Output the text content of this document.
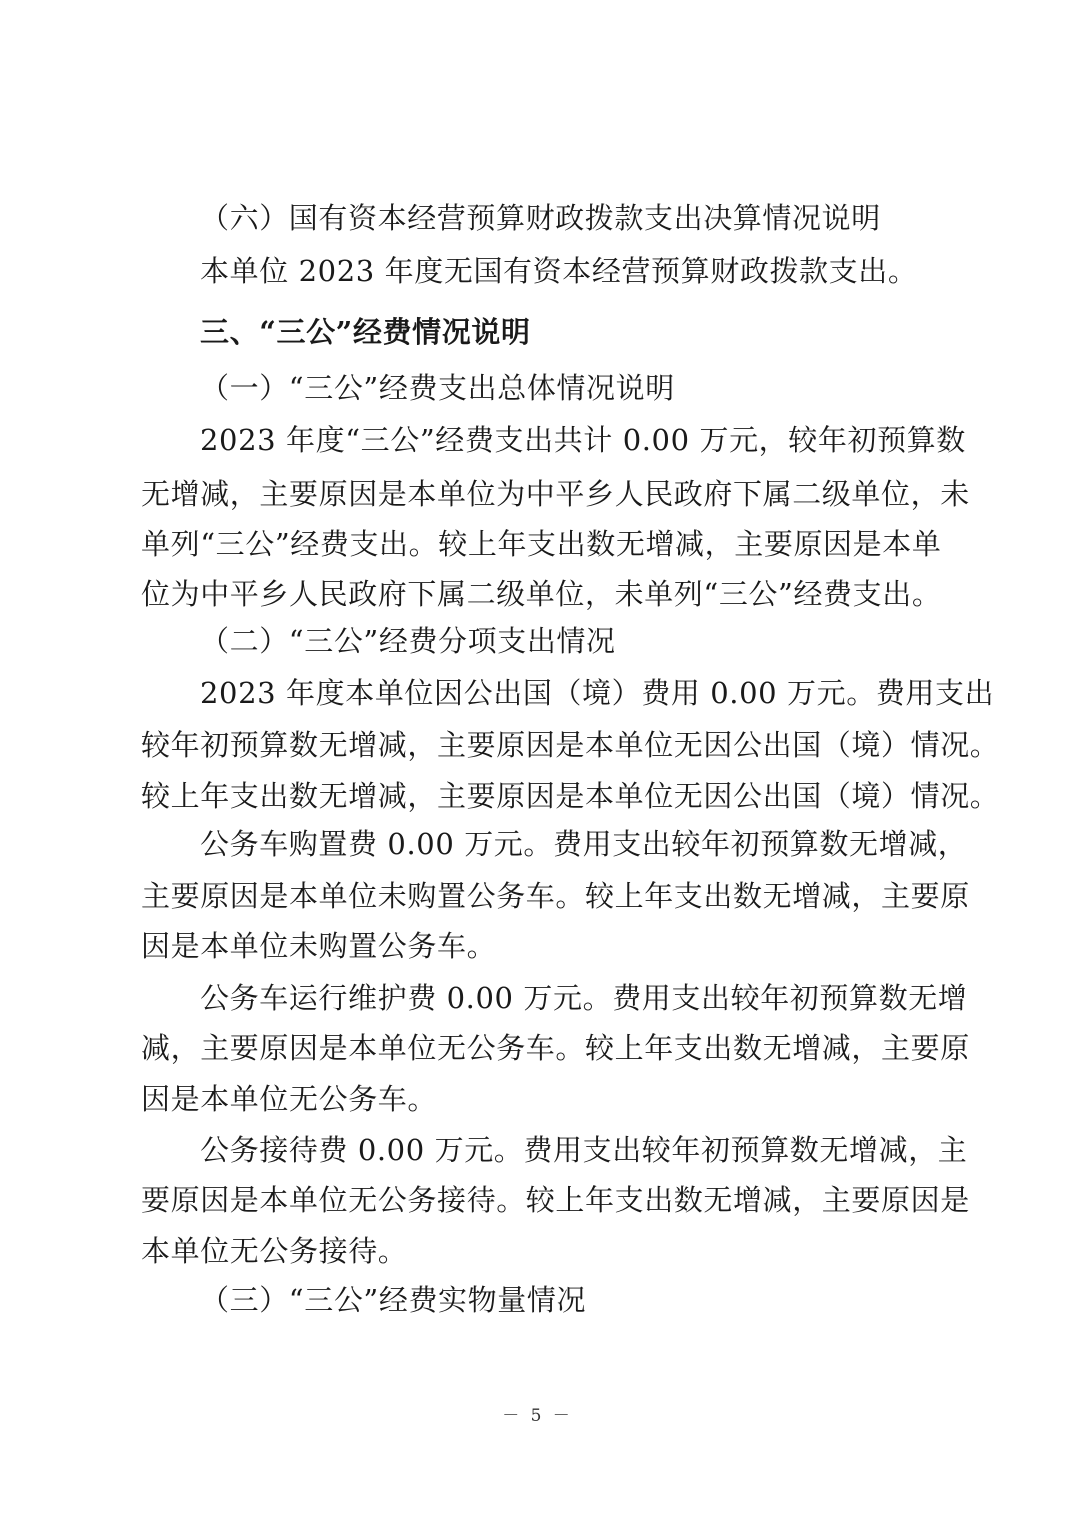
（六）国有资本经营预算财政拨款支出决算情况说明
本单位 2023 年度无国有资本经营预算财政拨款支出。
三、“三公”经费情况说明
（一）“三公”经费支出总体情况说明
2023 年度“三公”经费支出共计 0.00 万元，较年初预算数
无增减，主要原因是本单位为中平乡人民政府下属二级单位，未
单列“三公”经费支出。较上年支出数无增减，主要原因是本单
位为中平乡人民政府下属二级单位，未单列“三公”经费支出。
（二）“三公”经费分项支出情况
2023 年度本单位因公出国（境）费用 0.00 万元。费用支出
较年初预算数无增减，主要原因是本单位无因公出国（境）情况。
较上年支出数无增减，主要原因是本单位无因公出国（境）情况。
公务车购置费 0.00 万元。费用支出较年初预算数无增减，
主要原因是本单位未购置公务车。较上年支出数无增减，主要原
因是本单位未购置公务车。
公务车运行维护费 0.00 万元。费用支出较年初预算数无增
减，主要原因是本单位无公务车。较上年支出数无增减，主要原
因是本单位无公务车。
公务接待费 0.00 万元。费用支出较年初预算数无增减，主
要原因是本单位无公务接待。较上年支出数无增减，主要原因是
本单位无公务接待。
（三）“三公”经费实物量情况
－ 5 －
